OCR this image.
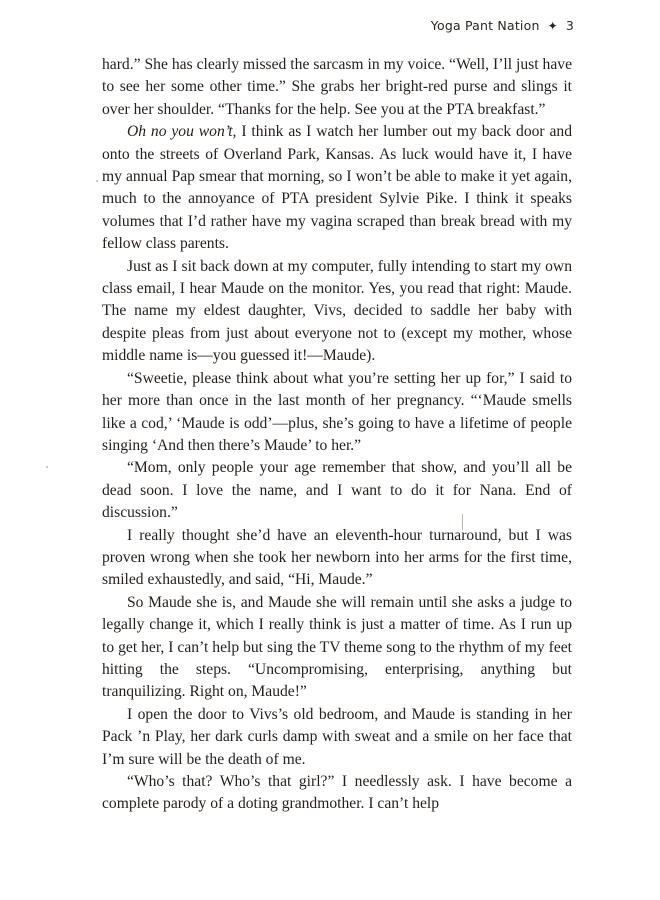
Yoga Pant Nation ✦ 3

hard.” She has clearly missed the sarcasm in my voice. “Well, I’ll just have to see her some other time.” She grabs her bright-red purse and slings it over her shoulder. “Thanks for the help. See you at the PTA breakfast.”

Oh no you won’t, I think as I watch her lumber out my back door and onto the streets of Overland Park, Kansas. As luck would have it, I have my annual Pap smear that morning, so I won’t be able to make it yet again, much to the annoyance of PTA president Sylvie Pike. I think it speaks volumes that I’d rather have my vagina scraped than break bread with my fellow class parents.

Just as I sit back down at my computer, fully intending to start my own class email, I hear Maude on the monitor. Yes, you read that right: Maude. The name my eldest daughter, Vivs, decided to saddle her baby with despite pleas from just about everyone not to (except my mother, whose middle name is—you guessed it!—Maude).

“Sweetie, please think about what you’re setting her up for,” I said to her more than once in the last month of her pregnancy. “‘Maude smells like a cod,’ ‘Maude is odd’—plus, she’s going to have a lifetime of people singing ‘And then there’s Maude’ to her.”

“Mom, only people your age remember that show, and you’ll all be dead soon. I love the name, and I want to do it for Nana. End of discussion.”

I really thought she’d have an eleventh-hour turnaround, but I was proven wrong when she took her newborn into her arms for the first time, smiled exhaustedly, and said, “Hi, Maude.”

So Maude she is, and Maude she will remain until she asks a judge to legally change it, which I really think is just a matter of time. As I run up to get her, I can’t help but sing the TV theme song to the rhythm of my feet hitting the steps. “Uncompromising, enterprising, anything but tranquilizing. Right on, Maude!”

I open the door to Vivs’s old bedroom, and Maude is standing in her Pack ’n Play, her dark curls damp with sweat and a smile on her face that I’m sure will be the death of me.

“Who’s that? Who’s that girl?” I needlessly ask. I have become a complete parody of a doting grandmother. I can’t help
